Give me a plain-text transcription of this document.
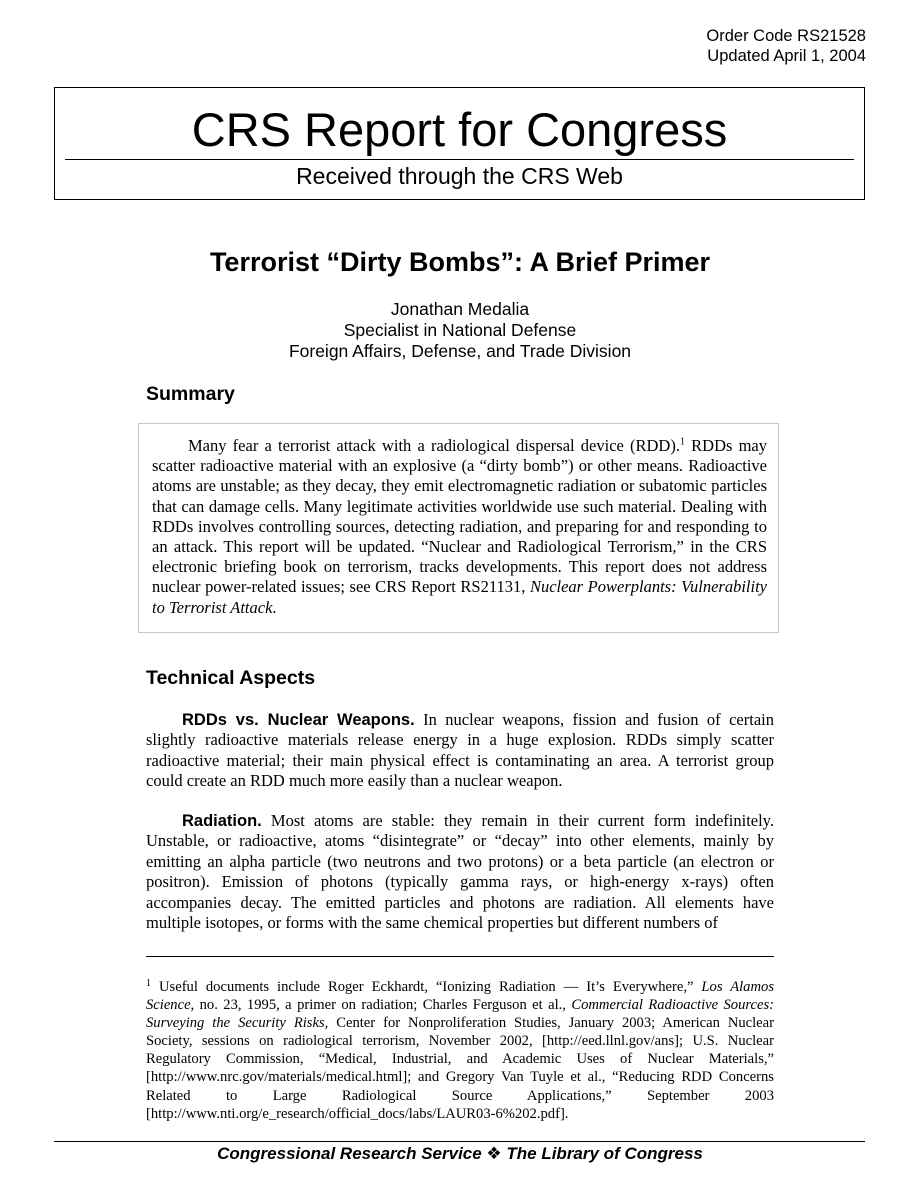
Order Code RS21528
Updated April 1, 2004
CRS Report for Congress
Received through the CRS Web
Terrorist “Dirty Bombs”: A Brief Primer
Jonathan Medalia
Specialist in National Defense
Foreign Affairs, Defense, and Trade Division
Summary
Many fear a terrorist attack with a radiological dispersal device (RDD).$^1$ RDDs may scatter radioactive material with an explosive (a “dirty bomb”) or other means. Radioactive atoms are unstable; as they decay, they emit electromagnetic radiation or subatomic particles that can damage cells. Many legitimate activities worldwide use such material. Dealing with RDDs involves controlling sources, detecting radiation, and preparing for and responding to an attack. This report will be updated. “Nuclear and Radiological Terrorism,” in the CRS electronic briefing book on terrorism, tracks developments. This report does not address nuclear power-related issues; see CRS Report RS21131, Nuclear Powerplants: Vulnerability to Terrorist Attack.
Technical Aspects
RDDs vs. Nuclear Weapons. In nuclear weapons, fission and fusion of certain slightly radioactive materials release energy in a huge explosion. RDDs simply scatter radioactive material; their main physical effect is contaminating an area. A terrorist group could create an RDD much more easily than a nuclear weapon.
Radiation. Most atoms are stable: they remain in their current form indefinitely. Unstable, or radioactive, atoms “disintegrate” or “decay” into other elements, mainly by emitting an alpha particle (two neutrons and two protons) or a beta particle (an electron or positron). Emission of photons (typically gamma rays, or high-energy x-rays) often accompanies decay. The emitted particles and photons are radiation. All elements have multiple isotopes, or forms with the same chemical properties but different numbers of
$^1$ Useful documents include Roger Eckhardt, “Ionizing Radiation — It’s Everywhere,” Los Alamos Science, no. 23, 1995, a primer on radiation; Charles Ferguson et al., Commercial Radioactive Sources: Surveying the Security Risks, Center for Nonproliferation Studies, January 2003; American Nuclear Society, sessions on radiological terrorism, November 2002, [http://eed.llnl.gov/ans]; U.S. Nuclear Regulatory Commission, “Medical, Industrial, and Academic Uses of Nuclear Materials,” [http://www.nrc.gov/materials/medical.html]; and Gregory Van Tuyle et al., “Reducing RDD Concerns Related to Large Radiological Source Applications,” September 2003 [http://www.nti.org/e_research/official_docs/labs/LAUR03-6%202.pdf].
Congressional Research Service ❖ The Library of Congress
